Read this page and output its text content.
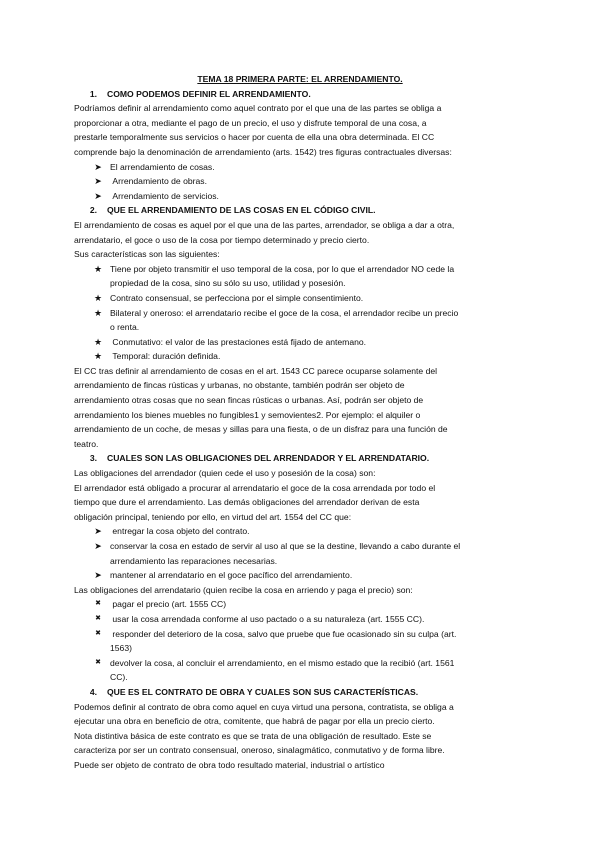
TEMA 18 PRIMERA PARTE: EL ARRENDAMIENTO.
1.	COMO PODEMOS DEFINIR EL ARRENDAMIENTO.
Podríamos definir al arrendamiento como aquel contrato por el que una de las partes se obliga a
proporcionar a otra, mediante el pago de un precio, el uso y disfrute temporal de una cosa, a
prestarle temporalmente sus servicios o hacer por cuenta de ella una obra determinada. El CC
comprende bajo la denominación de arrendamiento (arts. 1542) tres figuras contractuales diversas:
➤ El arrendamiento de cosas.
➤	Arrendamiento de obras.
➤	Arrendamiento de servicios.
2.	QUE EL ARRENDAMIENTO DE LAS COSAS EN EL CÓDIGO CIVIL.
El arrendamiento de cosas es aquel por el que una de las partes, arrendador, se obliga a dar a otra,
arrendatario, el goce o uso de la cosa por tiempo determinado y precio cierto.
Sus características son las siguientes:
★ Tiene por objeto transmitir el uso temporal de la cosa, por lo que el arrendador NO cede la
propiedad de la cosa, sino su sólo su uso, utilidad y posesión.
★ Contrato consensual, se perfecciona por el simple consentimiento.
★ Bilateral y oneroso: el arrendatario recibe el goce de la cosa, el arrendador recibe un precio
o renta.
★	Conmutativo: el valor de las prestaciones está fijado de antemano.
★	Temporal: duración definida.
El CC tras definir al arrendamiento de cosas en el art. 1543 CC parece ocuparse solamente del
arrendamiento de fincas rústicas y urbanas, no obstante, también podrán ser objeto de
arrendamiento otras cosas que no sean fincas rústicas o urbanas. Así, podrán ser objeto de
arrendamiento los bienes muebles no fungibles1 y semovientes2. Por ejemplo: el alquiler o
arrendamiento de un coche, de mesas y sillas para una fiesta, o de un disfraz para una función de
teatro.
3.	CUALES SON LAS OBLIGACIONES DEL ARRENDADOR Y EL ARRENDATARIO.
Las obligaciones del arrendador (quien cede el uso y posesión de la cosa) son:
El arrendador está obligado a procurar al arrendatario el goce de la cosa arrendada por todo el
tiempo que dure el arrendamiento. Las demás obligaciones del arrendador derivan de esta
obligación principal, teniendo por ello, en virtud del art. 1554 del CC que:
➤	entregar la cosa objeto del contrato.
➤ conservar la cosa en estado de servir al uso al que se la destine, llevando a cabo durante el
arrendamiento las reparaciones necesarias.
➤ mantener al arrendatario en el goce pacífico del arrendamiento.
Las obligaciones del arrendatario (quien recibe la cosa en arriendo y paga el precio) son:
✖	pagar el precio (art. 1555 CC)
✖	usar la cosa arrendada conforme al uso pactado o a su naturaleza (art. 1555 CC).
✖	responder del deterioro de la cosa, salvo que pruebe que fue ocasionado sin su culpa (art.
1563)
✖	devolver la cosa, al concluir el arrendamiento, en el mismo estado que la recibió (art. 1561
CC).
4.	QUE ES EL CONTRATO DE OBRA Y CUALES SON SUS CARACTERÍSTICAS.
Podemos definir al contrato de obra como aquel en cuya virtud una persona, contratista, se obliga a
ejecutar una obra en beneficio de otra, comitente, que habrá de pagar por ella un precio cierto.
Nota distintiva básica de este contrato es que se trata de una obligación de resultado. Este se
caracteriza por ser un contrato consensual, oneroso, sinalagmático, conmutativo y de forma libre.
Puede ser objeto de contrato de obra todo resultado material, industrial o artístico
